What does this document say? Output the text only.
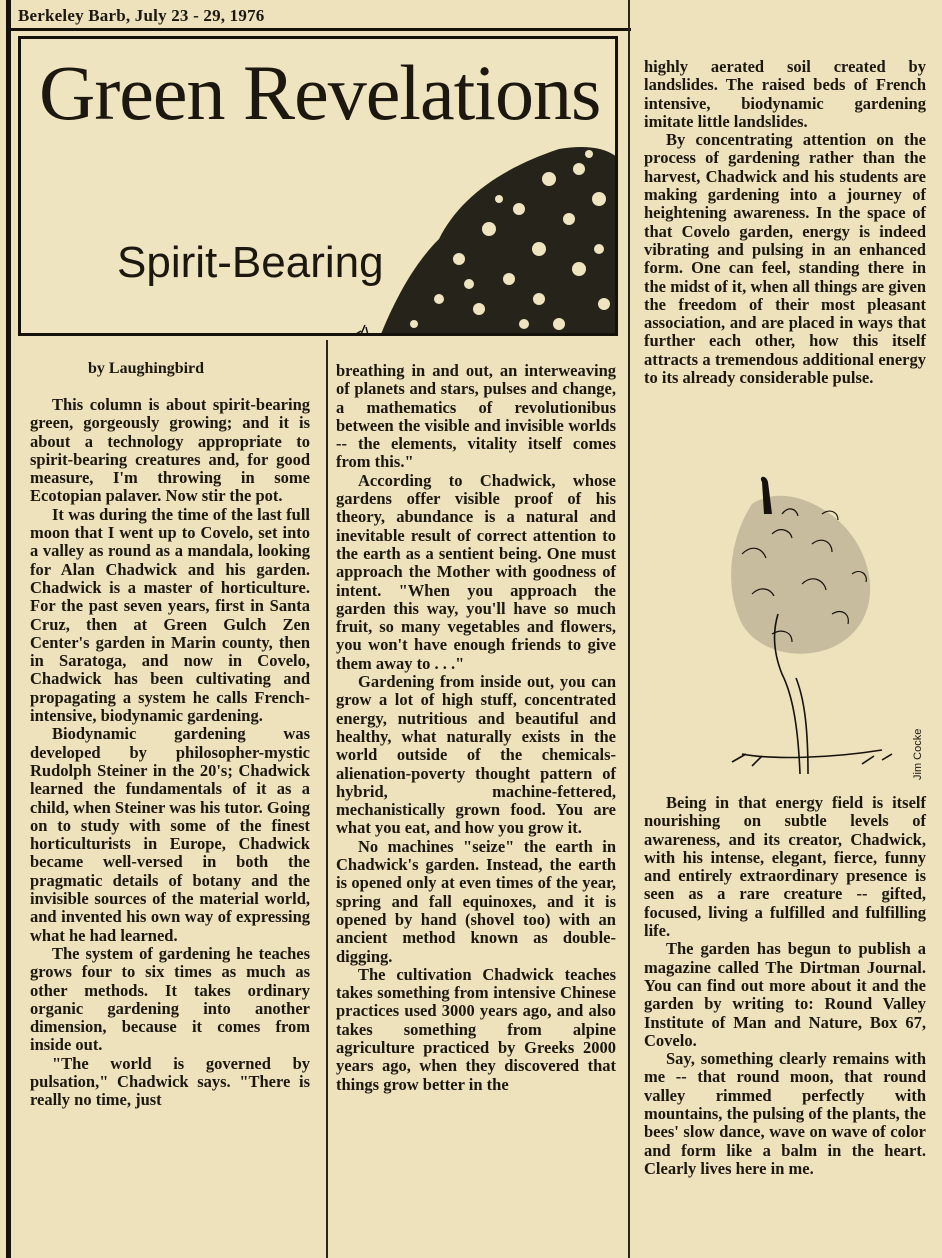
Berkeley Barb, July 23 - 29, 1976
Green Revelations
Spirit-Bearing
by Laughingbird

This column is about spirit-bearing green, gorgeously growing; and it is about a technology appropriate to spirit-bearing creatures and, for good measure, I'm throwing in some Ecotopian palaver. Now stir the pot.

It was during the time of the last full moon that I went up to Covelo, set into a valley as round as a mandala, looking for Alan Chadwick and his garden. Chadwick is a master of horticulture. For the past seven years, first in Santa Cruz, then at Green Gulch Zen Center's garden in Marin county, then in Saratoga, and now in Covelo, Chadwick has been cultivating and propagating a system he calls French-intensive, biodynamic gardening.

Biodynamic gardening was developed by philosopher-mystic Rudolph Steiner in the 20's; Chadwick learned the fundamentals of it as a child, when Steiner was his tutor. Going on to study with some of the finest horticulturists in Europe, Chadwick became well-versed in both the pragmatic details of botany and the invisible sources of the material world, and invented his own way of expressing what he had learned.

The system of gardening he teaches grows four to six times as much as other methods. It takes ordinary organic gardening into another dimension, because it comes from inside out.

"The world is governed by pulsation," Chadwick says. "There is really no time, just

breathing in and out, an interweaving of planets and stars, pulses and change, a mathematics of revolutionibus between the visible and invisible worlds -- the elements, vitality itself comes from this."

According to Chadwick, whose gardens offer visible proof of his theory, abundance is a natural and inevitable result of correct attention to the earth as a sentient being. One must approach the Mother with goodness of intent. "When you approach the garden this way, you'll have so much fruit, so many vegetables and flowers, you won't have enough friends to give them away to . . ."

Gardening from inside out, you can grow a lot of high stuff, concentrated energy, nutritious and beautiful and healthy, what naturally exists in the world outside of the chemicals-alienation-poverty thought pattern of hybrid, machine-fettered, mechanistically grown food. You are what you eat, and how you grow it.

No machines "seize" the earth in Chadwick's garden. Instead, the earth is opened only at even times of the year, spring and fall equinoxes, and it is opened by hand (shovel too) with an ancient method known as double-digging.

The cultivation Chadwick teaches takes something from intensive Chinese practices used 3000 years ago, and also takes something from alpine agriculture practiced by Greeks 2000 years ago, when they discovered that things grow better in the

highly aerated soil created by landslides. The raised beds of French intensive, biodynamic gardening imitate little landslides.

By concentrating attention on the process of gardening rather than the harvest, Chadwick and his students are making gardening into a journey of heightening awareness. In the space of that Covelo garden, energy is indeed vibrating and pulsing in an enhanced form. One can feel, standing there in the midst of it, when all things are given the freedom of their most pleasant association, and are placed in ways that further each other, how this itself attracts a tremendous additional energy to its already considerable pulse.

Jim Cocke

Being in that energy field is itself nourishing on subtle levels of awareness, and its creator, Chadwick, with his intense, elegant, fierce, funny and entirely extraordinary presence is seen as a rare creature -- gifted, focused, living a fulfilled and fulfilling life.

The garden has begun to publish a magazine called The Dirtman Journal. You can find out more about it and the garden by writing to: Round Valley Institute of Man and Nature, Box 67, Covelo.

Say, something clearly remains with me -- that round moon, that round valley rimmed perfectly with mountains, the pulsing of the plants, the bees' slow dance, wave on wave of color and form like a balm in the heart. Clearly lives here in me.
